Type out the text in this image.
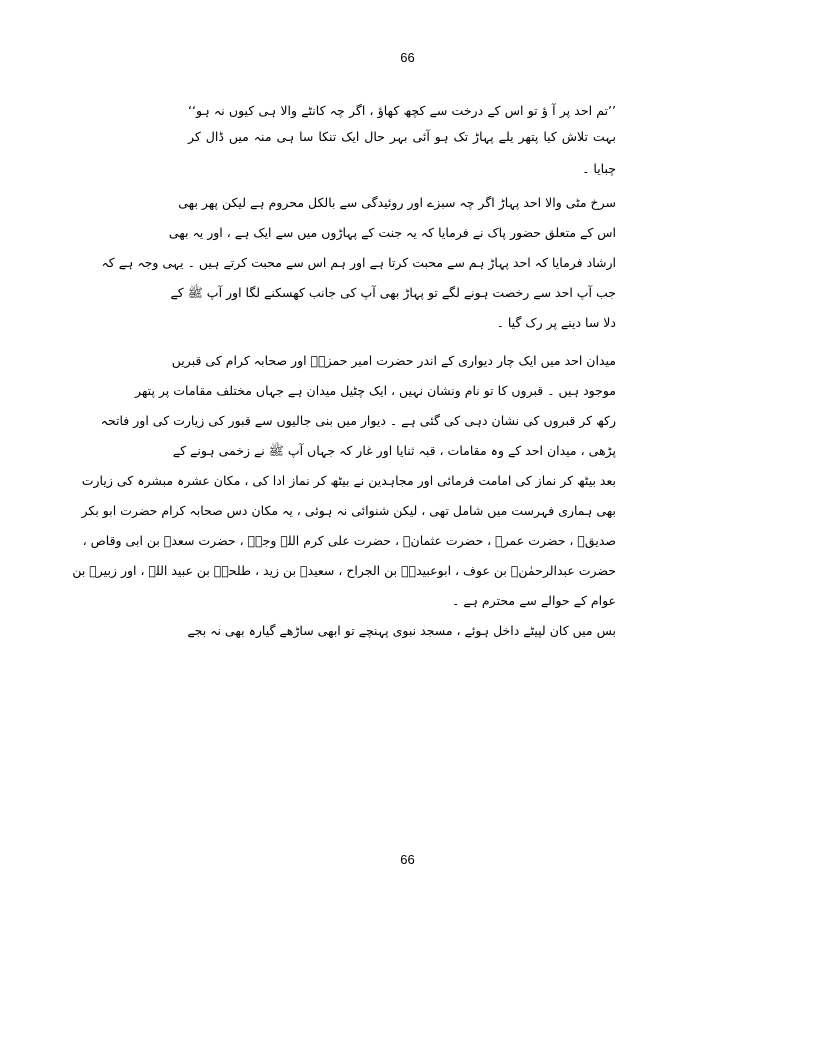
66
’’تم احد پر آ ؤ تو اس کے درخت سے کچھ کھاؤ ، اگر چہ کانٹے والا ہی کیوں نہ ہو‘‘
بہت تلاش کیا پتھر یلے پہاڑ تک ہو آئی بہر حال ایک تنکا سا ہی منہ میں ڈال کر
چبایا ۔
سرخ مٹی والا احد پہاڑ اگر چہ سبزے اور روئیدگی سے بالکل محروم ہے لیکن پھر بھی
اس کے متعلق حضور پاک نے فرمایا کہ یہ جنت کے پہاڑوں میں سے ایک ہے ، اور یہ بھی
ارشاد فرمایا کہ احد پہاڑ ہم سے محبت کرتا ہے اور ہم اس سے محبت کرتے ہیں ۔ یہی وجہ ہے کہ
جب آپ احد سے رخصت ہونے لگے تو پہاڑ بھی آپ کی جانب کھسکنے لگا اور آپ ﷺ کے
دلا سا دینے پر رک گیا ۔
میدان احد میں ایک چار دیواری کے اندر حضرت امیر حمزہؓ اور صحابہ کرام کی قبریں
موجود ہیں ۔ قبروں کا تو نام ونشان نہیں ، ایک چٹیل میدان ہے جہاں مختلف مقامات پر پتھر
رکھ کر قبروں کی نشان دہی کی گئی ہے ۔ دیوار میں بنی جالیوں سے قبور کی زیارت کی اور فاتحہ
پڑھی ، میدان احد کے وہ مقامات ، قبہ ثنایا اور غار کہ جہاں آپ ﷺ نے زخمی ہونے کے
بعد بیٹھ کر نماز کی امامت فرمائی اور مجاہدین نے بیٹھ کر نماز ادا کی ، مکان عشرہ مبشرہ کی زیارت
بھی ہماری فہرست میں شامل تھی ، لیکن شنوائی نہ ہوئی ، یہ مکان دس صحابہ کرام حضرت ابو بکر
صدیقؓ ، حضرت عمرؓ ، حضرت عثمانؓ ، حضرت علی کرم اللہ وجہہ ، حضرت سعدؓ بن ابی وقاص ،
حضرت عبدالرحمٰنؓ بن عوف ، ابوعبیدہؓ بن الجراح ، سعیدؓ بن زید ، طلحہؓ بن عبید اللہ ، اور زبیرؓ بن
عوام کے حوالے سے محترم ہے ۔
بس میں کان لپیٹے داخل ہوئے ، مسجد نبوی پہنچے تو ابھی ساڑھے گیارہ بھی نہ بجے
66
